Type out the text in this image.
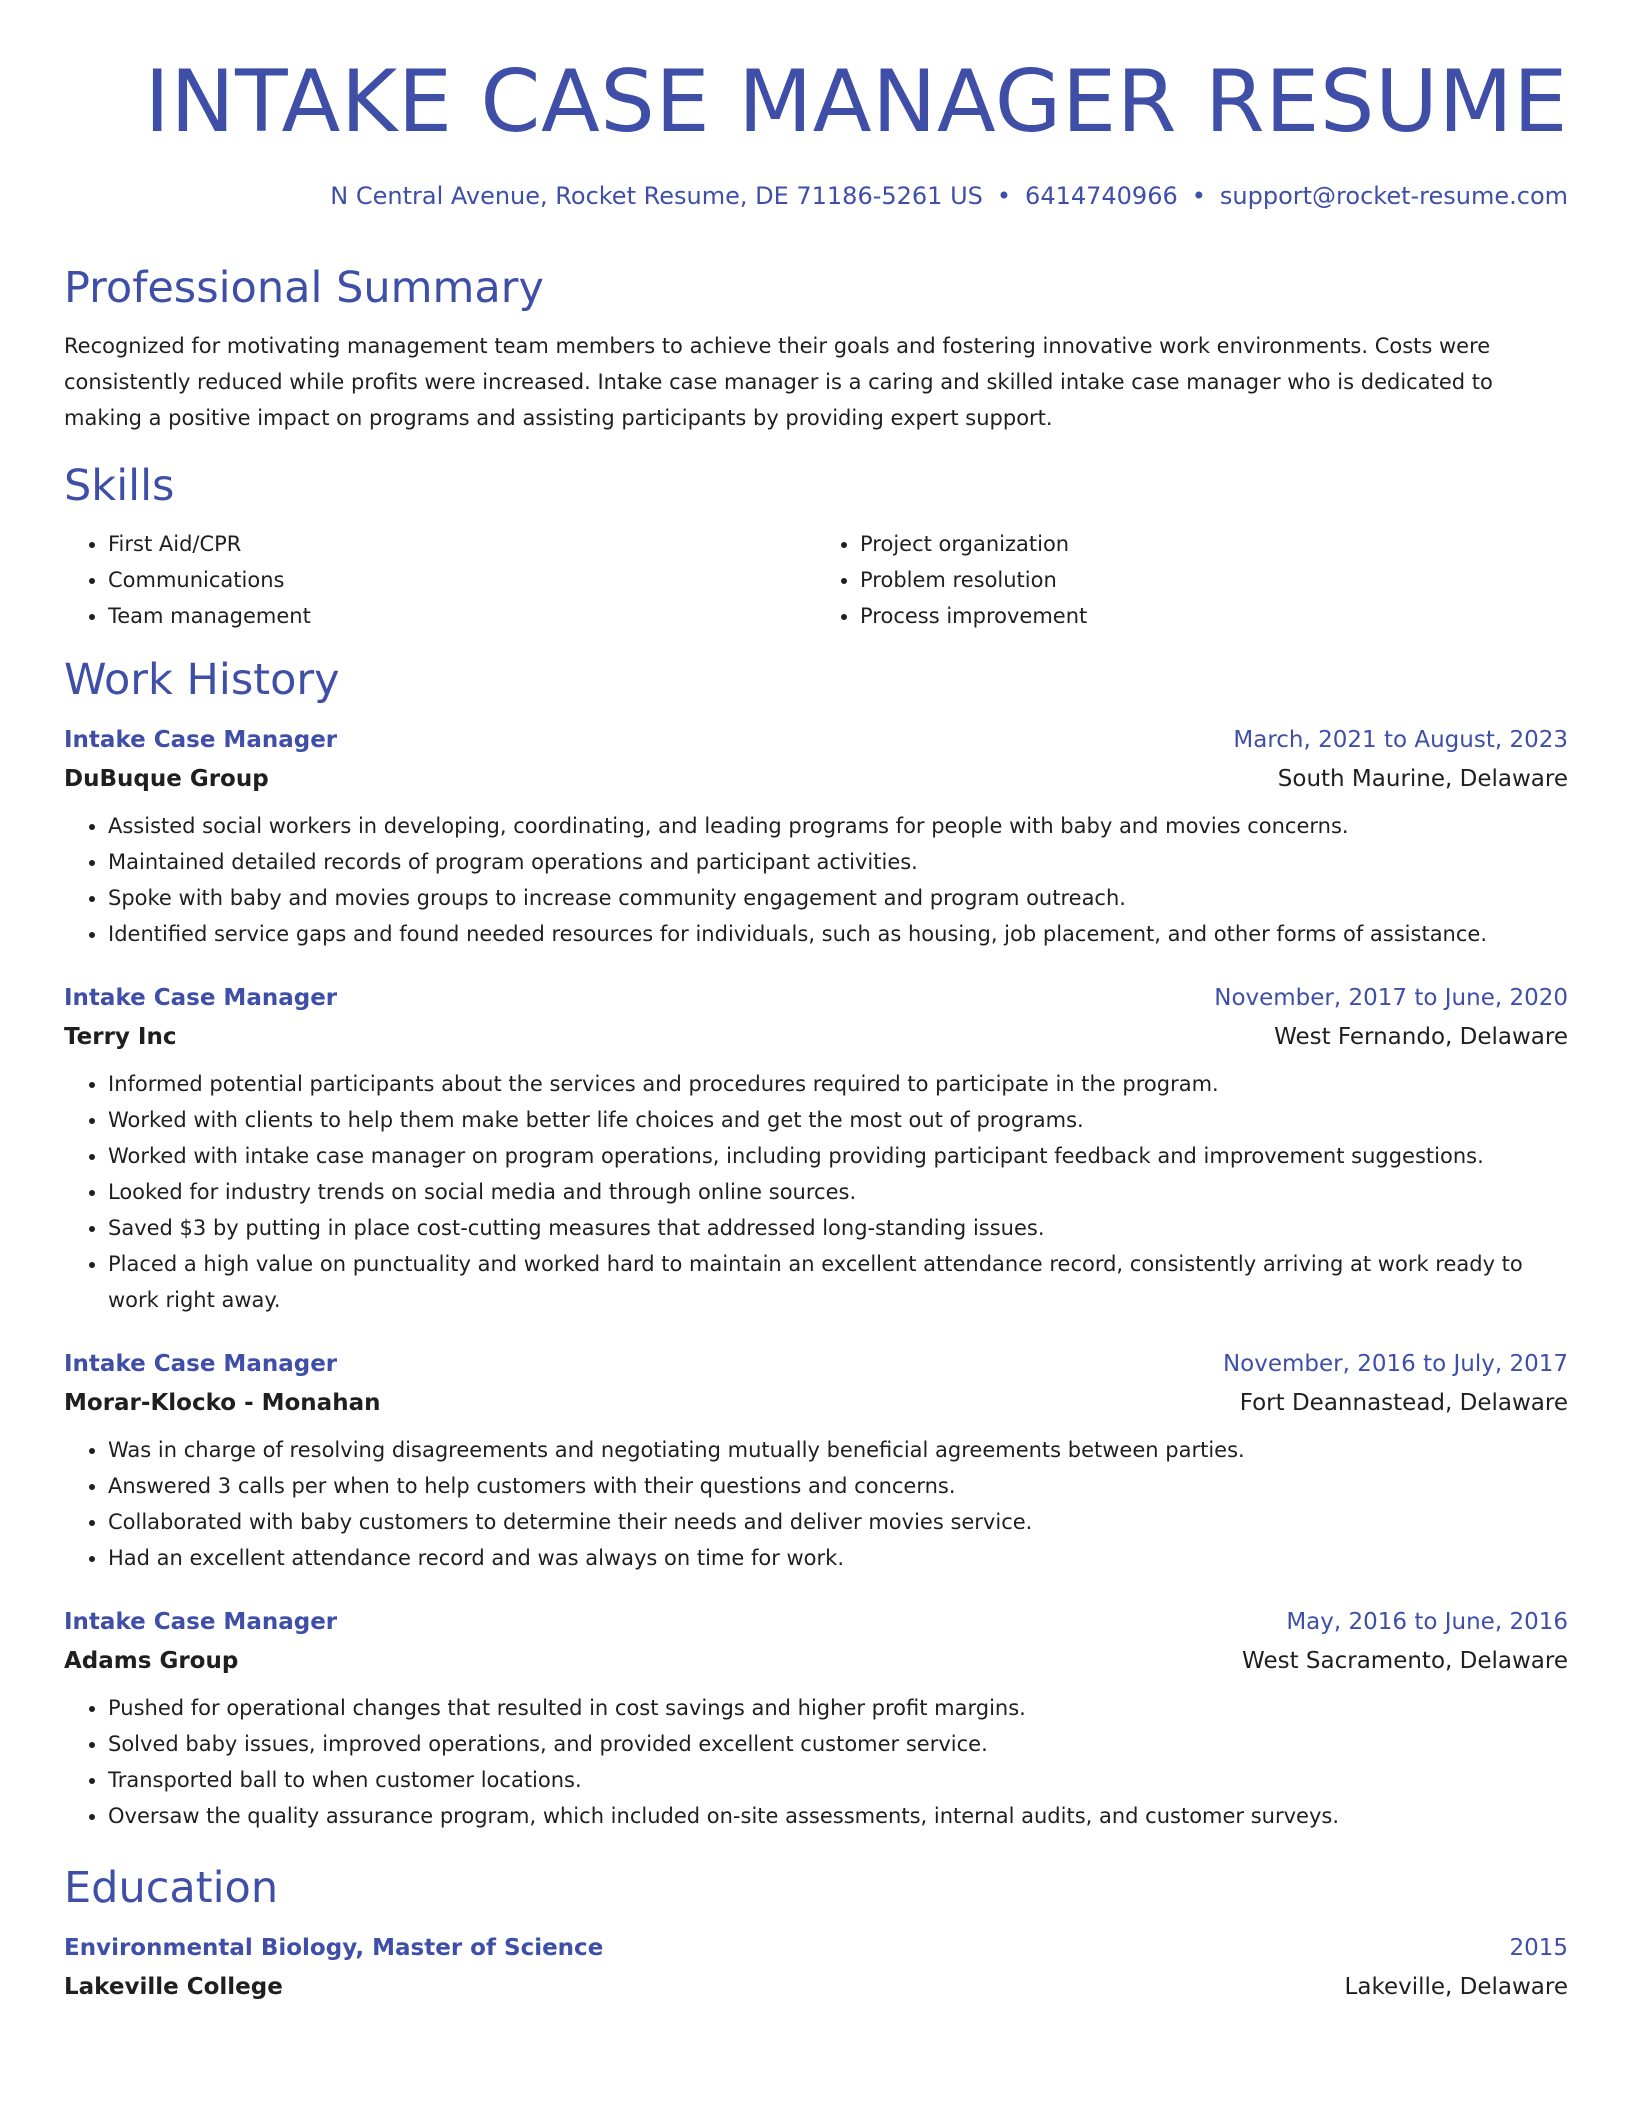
INTAKE CASE MANAGER RESUME
N Central Avenue, Rocket Resume, DE 71186-5261 US • 6414740966 • support@rocket-resume.com
Professional Summary

Recognized for motivating management team members to achieve their goals and fostering innovative work environments. Costs were consistently reduced while profits were increased. Intake case manager is a caring and skilled intake case manager who is dedicated to making a positive impact on programs and assisting participants by providing expert support.

Skills
• First Aid/CPR
• Communications
• Team management
• Project organization
• Problem resolution
• Process improvement
Work History
Intake Case Manager	March, 2021 to August, 2023
DuBuque Group	South Maurine, Delaware
• Assisted social workers in developing, coordinating, and leading programs for people with baby and movies concerns.
• Maintained detailed records of program operations and participant activities.
• Spoke with baby and movies groups to increase community engagement and program outreach.
• Identified service gaps and found needed resources for individuals, such as housing, job placement, and other forms of assistance.
Intake Case Manager	November, 2017 to June, 2020
Terry Inc	West Fernando, Delaware
• Informed potential participants about the services and procedures required to participate in the program.
• Worked with clients to help them make better life choices and get the most out of programs.
• Worked with intake case manager on program operations, including providing participant feedback and improvement suggestions.
• Looked for industry trends on social media and through online sources.
• Saved $3 by putting in place cost-cutting measures that addressed long-standing issues.
• Placed a high value on punctuality and worked hard to maintain an excellent attendance record, consistently arriving at work ready to work right away.
Intake Case Manager	November, 2016 to July, 2017
Morar-Klocko - Monahan	Fort Deannastead, Delaware
• Was in charge of resolving disagreements and negotiating mutually beneficial agreements between parties.
• Answered 3 calls per when to help customers with their questions and concerns.
• Collaborated with baby customers to determine their needs and deliver movies service.
• Had an excellent attendance record and was always on time for work.
Intake Case Manager	May, 2016 to June, 2016
Adams Group	West Sacramento, Delaware
• Pushed for operational changes that resulted in cost savings and higher profit margins.
• Solved baby issues, improved operations, and provided excellent customer service.
• Transported ball to when customer locations.
• Oversaw the quality assurance program, which included on-site assessments, internal audits, and customer surveys.
Education
Environmental Biology, Master of Science	2015
Lakeville College	Lakeville, Delaware
